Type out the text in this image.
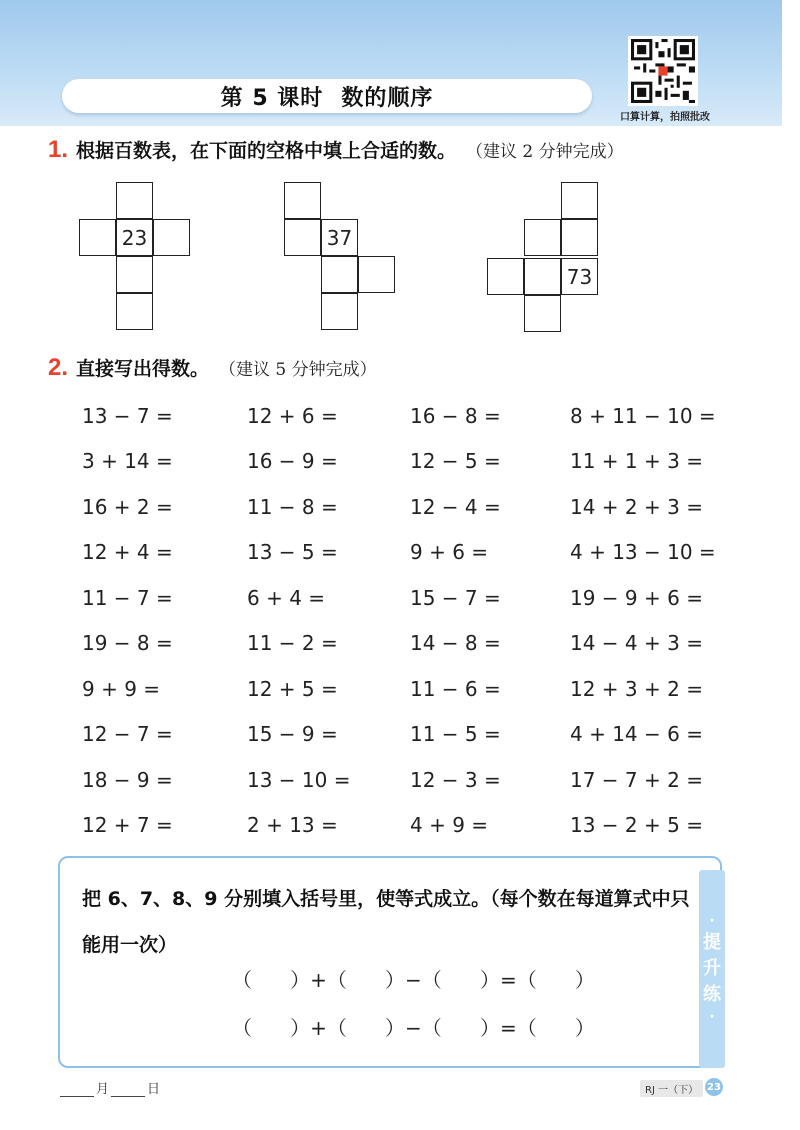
第 5 课时 数的顺序
口算计算，拍照批改
1. 根据百数表，在下面的空格中填上合适的数。 （建议 2 分钟完成）
23	37
73
2. 直接写出得数。 （建议 5 分钟完成）
13 − 7 =	12 + 6 =	16 − 8 =	8 + 11 − 10 =
3 + 14 =	16 − 9 =	12 − 5 =	11 + 1 + 3 =
16 + 2 =	11 − 8 =	12 − 4 =	14 + 2 + 3 =
12 + 4 =	13 − 5 =	9 + 6 =	4 + 13 − 10 =
11 − 7 =	6 + 4 =	15 − 7 =	19 − 9 + 6 =
19 − 8 =	11 − 2 =	14 − 8 =	14 − 4 + 3 =
9 + 9 =	12 + 5 =	11 − 6 =	12 + 3 + 2 =
12 − 7 =	15 − 9 =	11 − 5 =	4 + 14 − 6 =
18 − 9 =	13 − 10 =	12 − 3 =	17 − 7 + 2 =
12 + 7 =	2 + 13 =	4 + 9 =	13 − 2 + 5 =
把 6、7、8、9 分别填入括号里，使等式成立。（每个数在每道算式中只能用一次）
（      ）+（      ）−（      ）=（      ）
（      ）+（      ）−（      ）=（      ）
·
提
升
练
·
月	日	RJ 一（下） 23
